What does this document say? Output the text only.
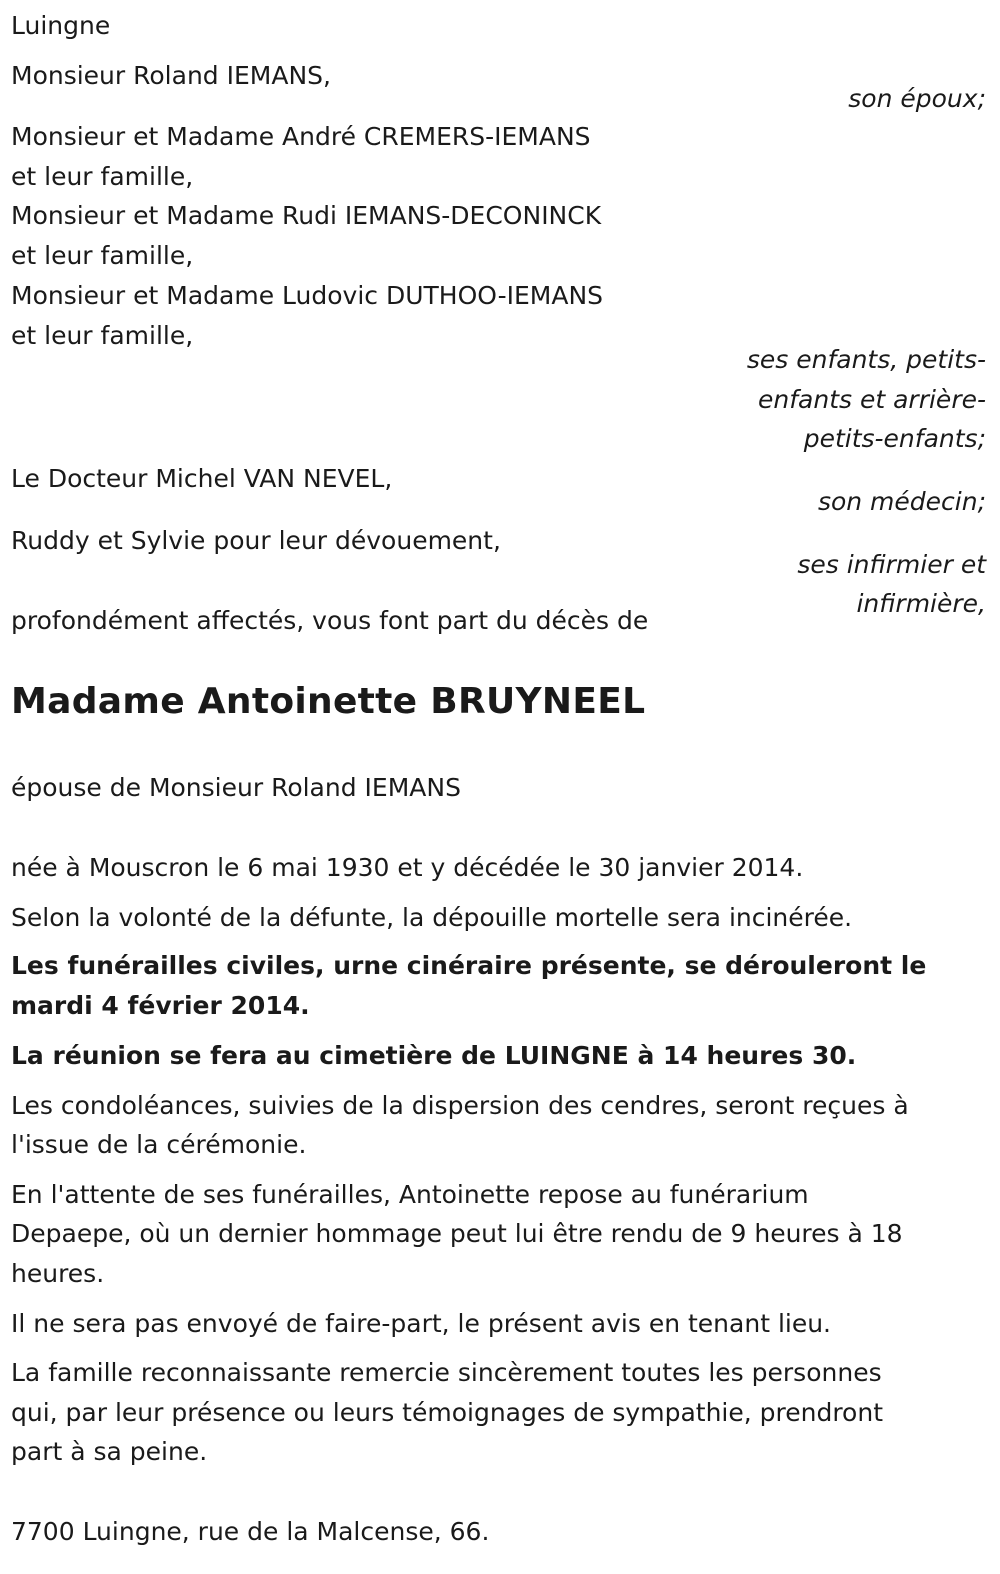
Luingne
Monsieur Roland IEMANS,
son époux;
Monsieur et Madame André CREMERS-IEMANS
et leur famille,
Monsieur et Madame Rudi IEMANS-DECONINCK
et leur famille,
Monsieur et Madame Ludovic DUTHOO-IEMANS
et leur famille,
ses enfants, petits-
enfants et arrière-
petits-enfants;
Le Docteur Michel VAN NEVEL,
son médecin;
Ruddy et Sylvie pour leur dévouement,
ses infirmier et
infirmière,
profondément affectés, vous font part du décès de
Madame Antoinette BRUYNEEL
épouse de Monsieur Roland IEMANS
née à Mouscron le 6 mai 1930 et y décédée le 30 janvier 2014.
Selon la volonté de la défunte, la dépouille mortelle sera incinérée.
Les funérailles civiles, urne cinéraire présente, se dérouleront le
mardi 4 février 2014.
La réunion se fera au cimetière de LUINGNE à 14 heures 30.
Les condoléances, suivies de la dispersion des cendres, seront reçues à
l'issue de la cérémonie.
En l'attente de ses funérailles, Antoinette repose au funérarium
Depaepe, où un dernier hommage peut lui être rendu de 9 heures à 18
heures.
Il ne sera pas envoyé de faire-part, le présent avis en tenant lieu.
La famille reconnaissante remercie sincèrement toutes les personnes
qui, par leur présence ou leurs témoignages de sympathie, prendront
part à sa peine.
7700 Luingne, rue de la Malcense, 66.
